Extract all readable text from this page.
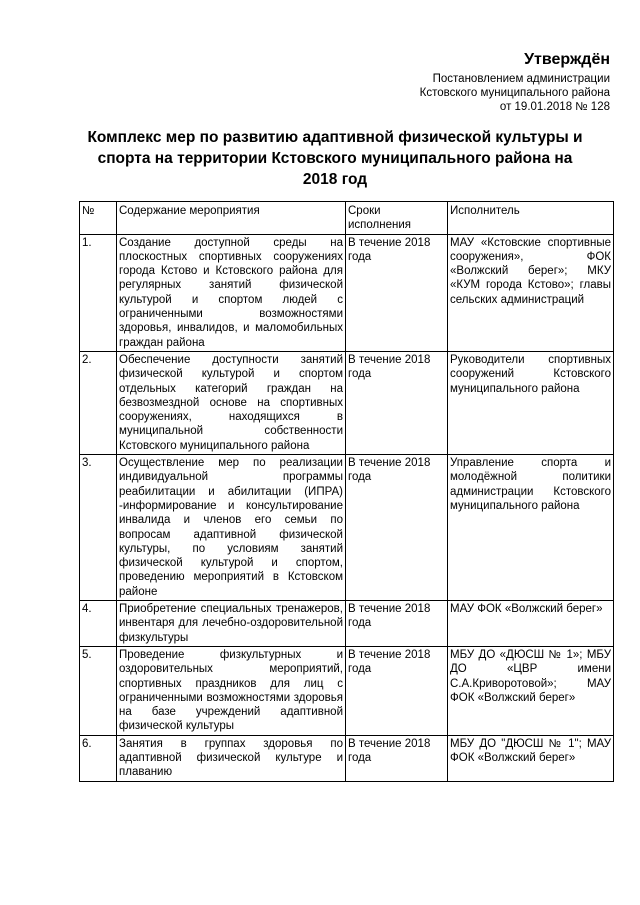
Утверждён
Постановлением администрации
Кстовского муниципального района
от 19.01.2018 № 128
Комплекс мер по развитию адаптивной физической культуры и
спорта на территории Кстовского муниципального района на
2018 год
№	Содержание мероприятия	Сроки исполнения	Исполнитель
1.	Создание доступной среды на плоскостных спортивных сооружениях города Кстово и Кстовского района для регулярных занятий физической культурой и спортом людей с ограниченными возможностями здоровья, инвалидов, и маломобильных граждан района	В течение 2018 года	МАУ «Кстовские спортивные сооружения», ФОК «Волжский берег»; МКУ «КУМ города Кстово»; главы сельских администраций
2.	Обеспечение доступности занятий физической культурой и спортом отдельных категорий граждан на безвозмездной основе на спортивных сооружениях, находящихся в муниципальной собственности Кстовского муниципального района	В течение 2018 года	Руководители спортивных сооружений Кстовского муниципального района
3.	Осуществление мер по реализации индивидуальной программы реабилитации и абилитации (ИПРА) -информирование и консультирование инвалида и членов его семьи по вопросам адаптивной физической культуры, по условиям занятий физической культурой и спортом, проведению мероприятий в Кстовском районе	В течение 2018 года	Управление спорта и молодёжной политики администрации Кстовского муниципального района
4.	Приобретение специальных тренажеров, инвентаря для лечебно-оздоровительной физкультуры	В течение 2018 года	МАУ ФОК «Волжский берег»
5.	Проведение физкультурных и оздоровительных мероприятий, спортивных праздников для лиц с ограниченными возможностями здоровья на базе учреждений адаптивной физической культуры	В течение 2018 года	МБУ ДО «ДЮСШ № 1»; МБУ ДО «ЦВР имени С.А.Криворотовой»; МАУ ФОК «Волжский берег»
6.	Занятия в группах здоровья по адаптивной физической культуре и плаванию	В течение 2018 года	МБУ ДО "ДЮСШ № 1"; МАУ ФОК «Волжский берег»
